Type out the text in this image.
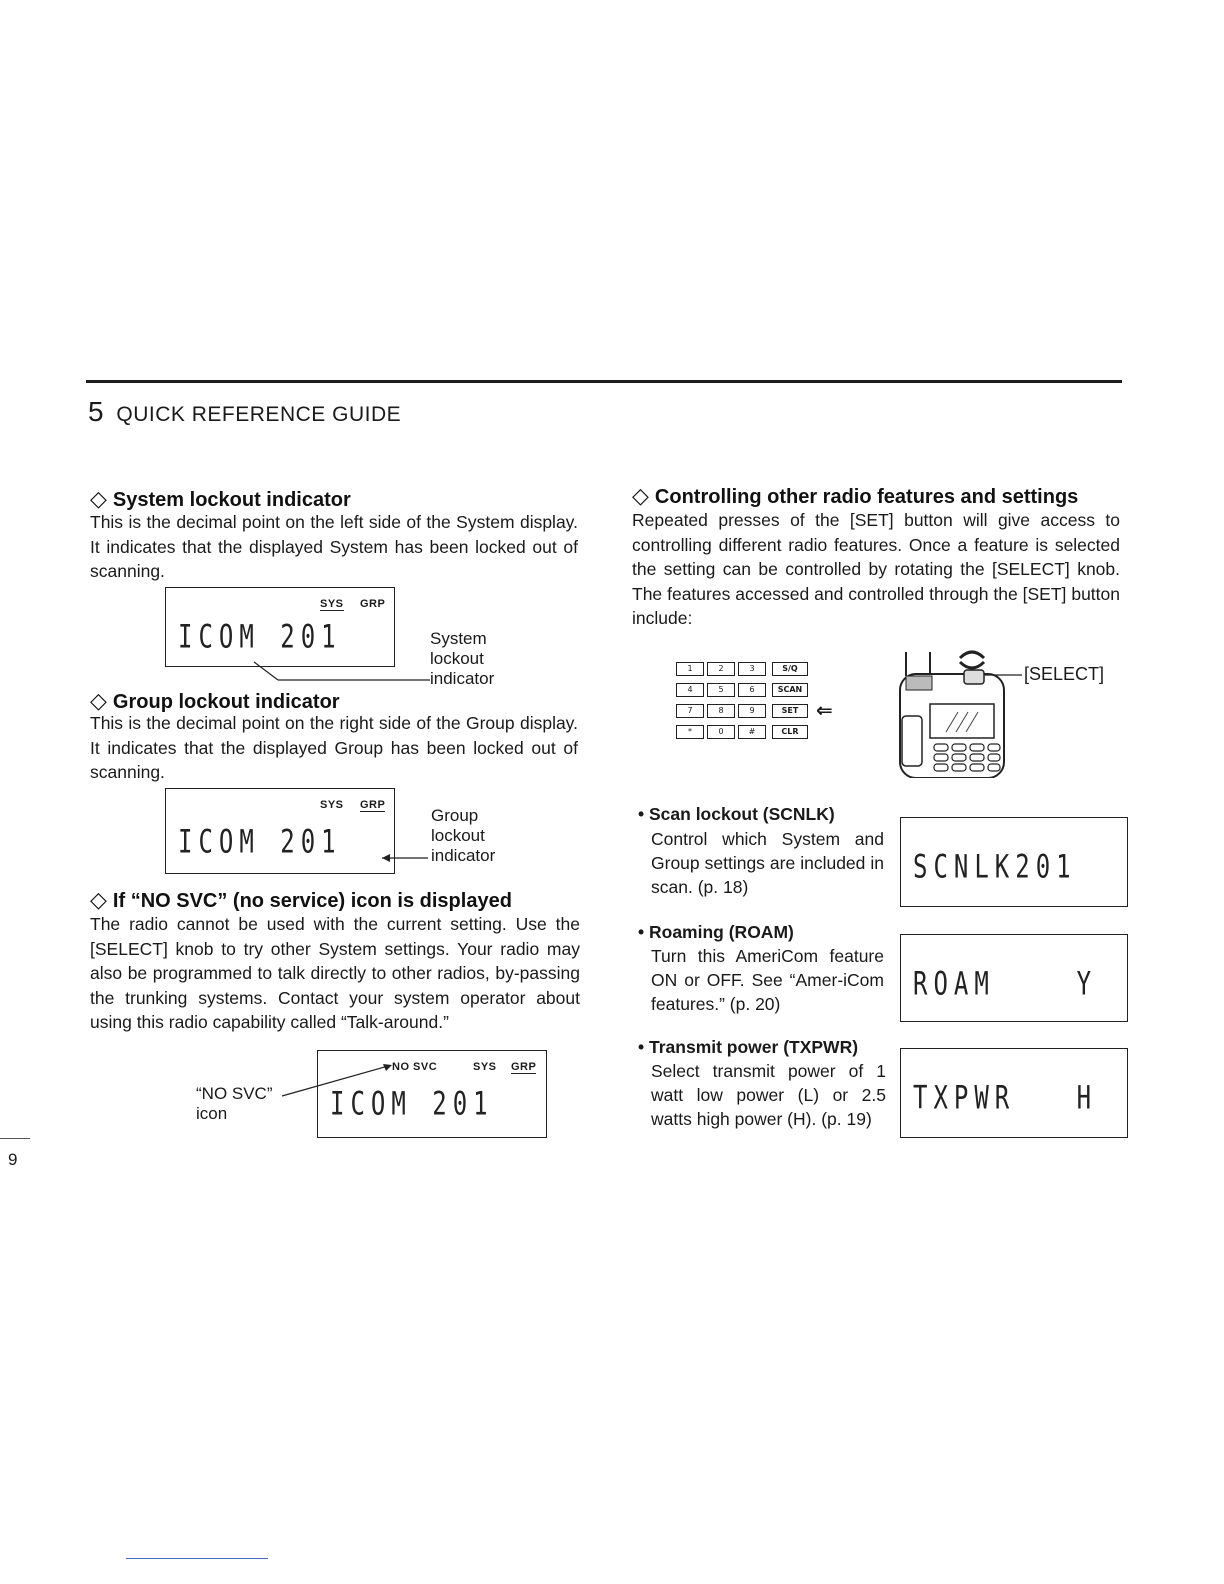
5 QUICK REFERENCE GUIDE
◇ System lockout indicator
This is the decimal point on the left side of the System display. It indicates that the displayed System has been locked out of scanning.
SYS GRP
ICOM 201	System
lockout
indicator
◇ Group lockout indicator
This is the decimal point on the right side of the Group display. It indicates that the displayed Group has been locked out of scanning.
SYS GRP
ICOM 201
Group
lockout
indicator
◇ If “NO SVC” (no service) icon is displayed
The radio cannot be used with the current setting. Use the [SELECT] knob to try other System settings. Your radio may also be programmed to talk directly to other radios, by-passing the trunking systems. Contact your system operator about using this radio capability called “Talk-around.”
NO SVC	SYS GRP
ICOM 201
“NO SVC”
icon
◇ Controlling other radio features and settings
Repeated presses of the [SET] button will give access to controlling different radio features. Once a feature is selected the setting can be controlled by rotating the [SELECT] knob. The features accessed and controlled through the [SET] button include:
1	2	3	S/Q
4	5	6	SCAN
7	8	9	SET
*	0	#	CLR
⇐
[SELECT]
• Scan lockout (SCNLK)
Control which System and Group settings are included in scan. (p. 18)
SCNLK201
• Roaming (ROAM)
Turn this AmeriCom feature ON or OFF. See “Amer-iCom features.” (p. 20)
ROAM    Y
• Transmit power (TXPWR)
Select transmit power of 1 watt low power (L) or 2.5 watts high power (H). (p. 19)
TXPWR   H
9
